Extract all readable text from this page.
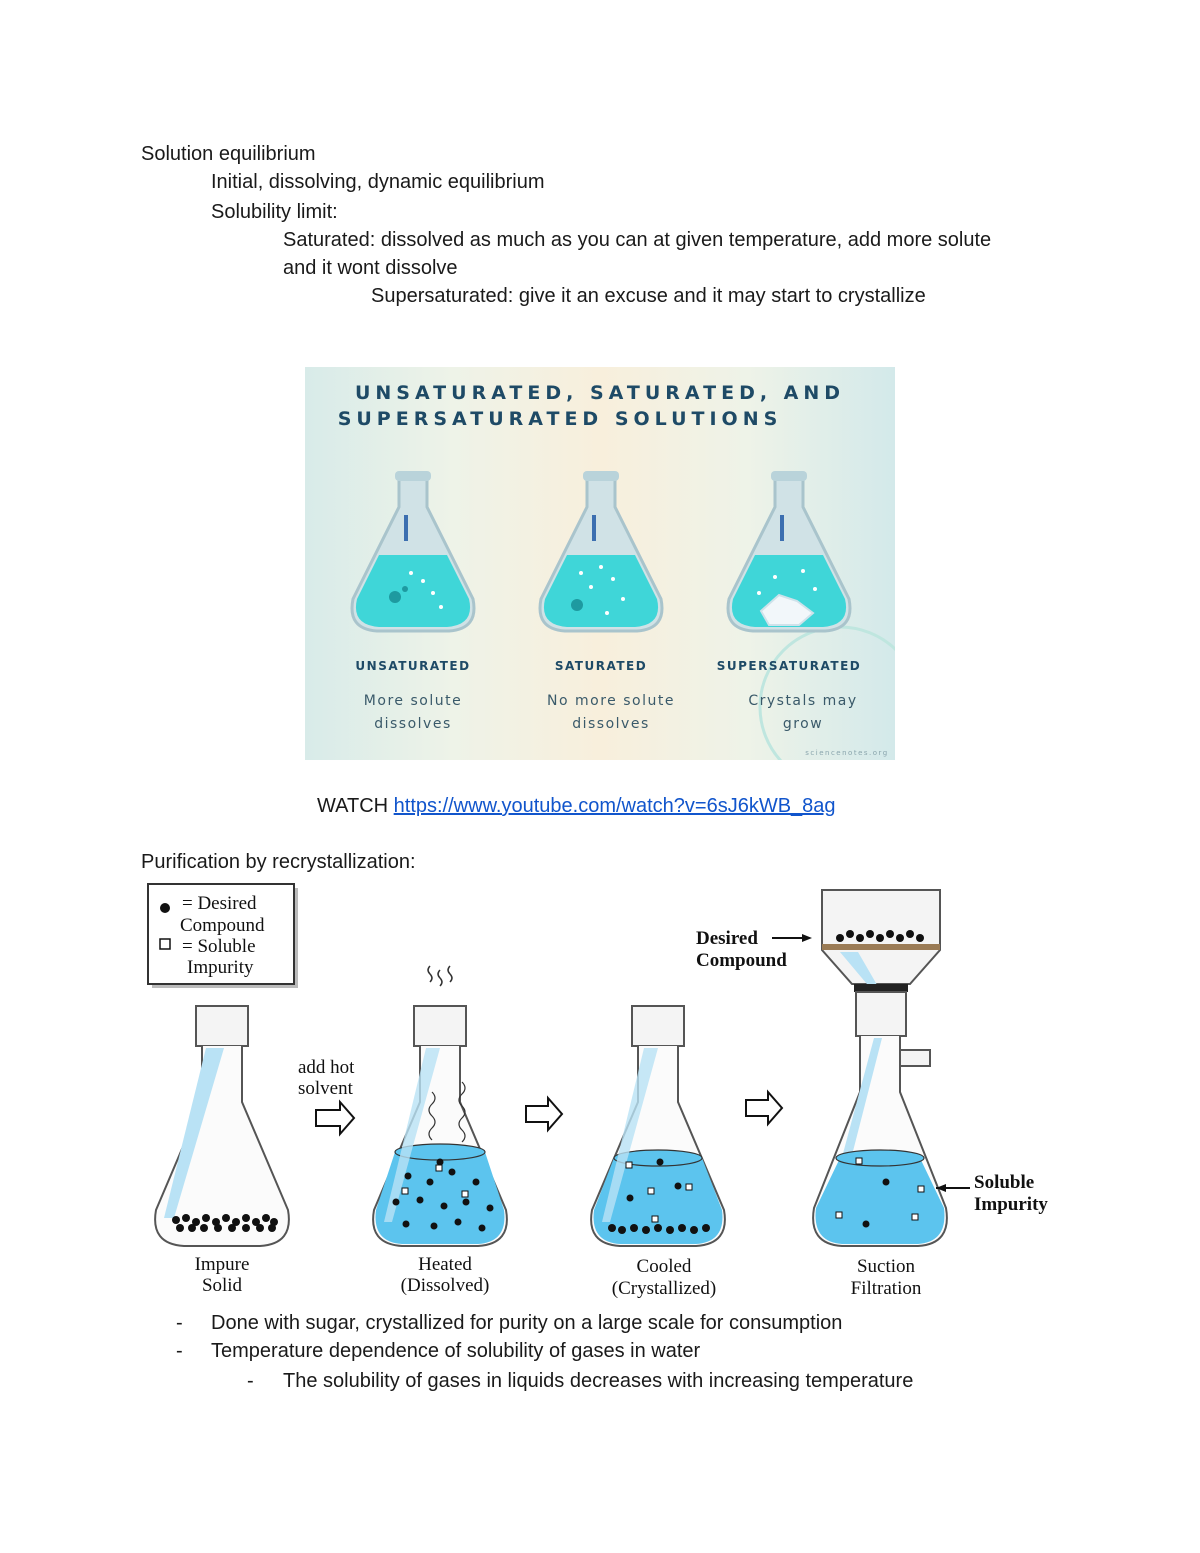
Solution equilibrium
Initial, dissolving, dynamic equilibrium
Solubility limit:
Saturated: dissolved as much as you can at given temperature, add more solute
and it wont dissolve
Supersaturated: give it an excuse and it may start to crystallize
UNSATURATED, SATURATED, AND
SUPERSATURATED SOLUTIONS
UNSATURATED	SATURATED	SUPERSATURATED
More solute
dissolves
No more solute
dissolves
Crystals may
grow
sciencenotes.org
WATCH https://www.youtube.com/watch?v=6sJ6kWB_8ag
Purification by recrystallization:
= Desired
Compound
= Soluble
Impurity
add hot
solvent
Desired
Compound
Soluble
Impurity
Impure
Solid
Heated
(Dissolved)
Cooled
(Crystallized)
Suction
Filtration
- Done with sugar, crystallized for purity on a large scale for consumption
- Temperature dependence of solubility of gases in water
- The solubility of gases in liquids decreases with increasing temperature
